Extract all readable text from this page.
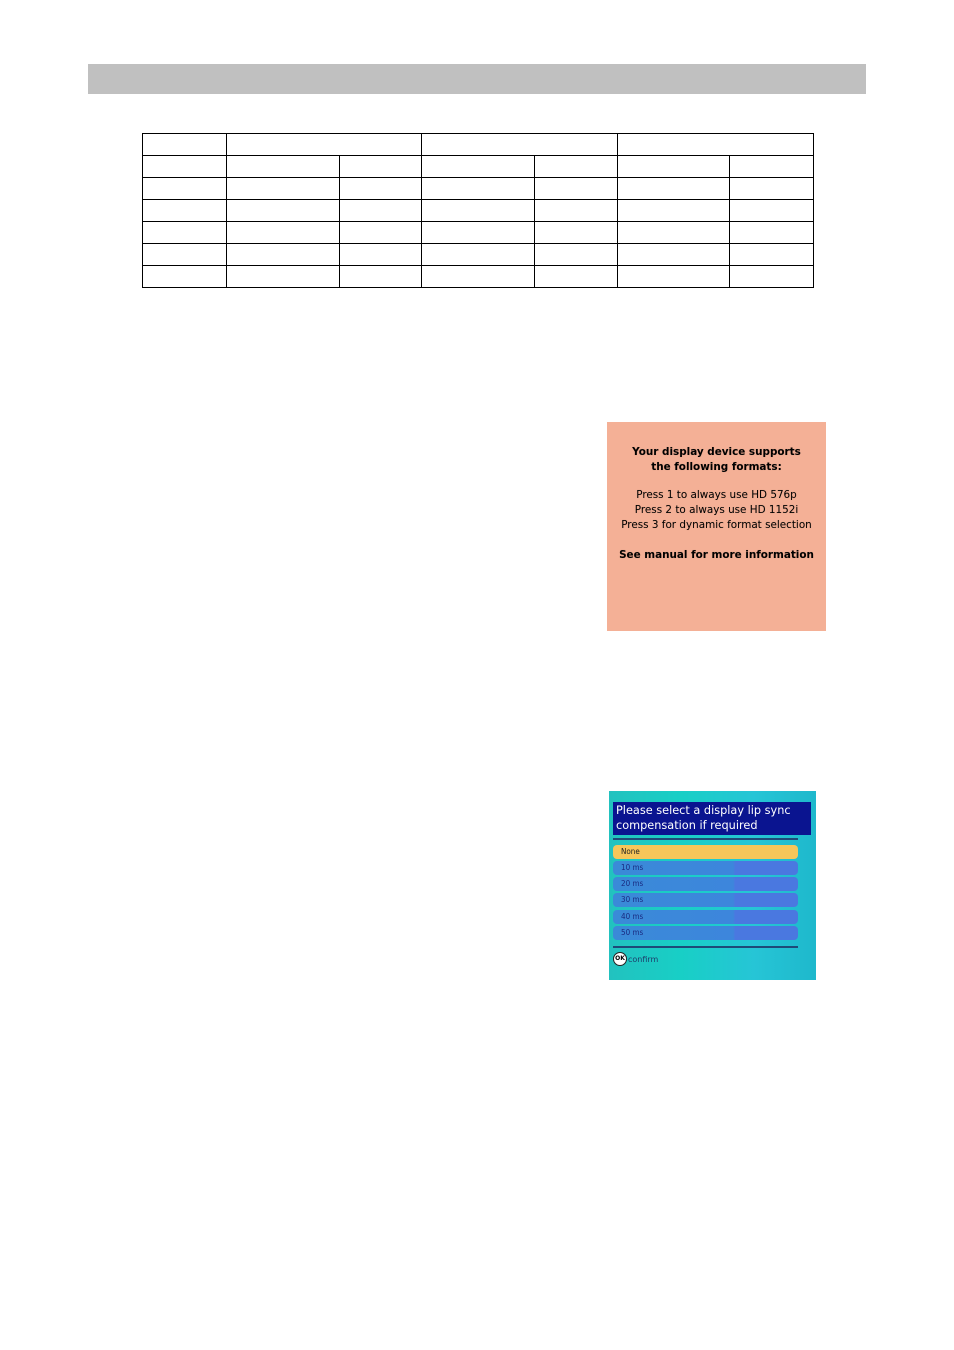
Your display device supports
the following formats:
Press 1 to always use HD 576p
Press 2 to always use HD 1152i
Press 3 for dynamic format selection
See manual for more information
Please select a display lip sync
compensation if required
None
10 ms
20 ms
30 ms
40 ms
50 ms
OK confirm
